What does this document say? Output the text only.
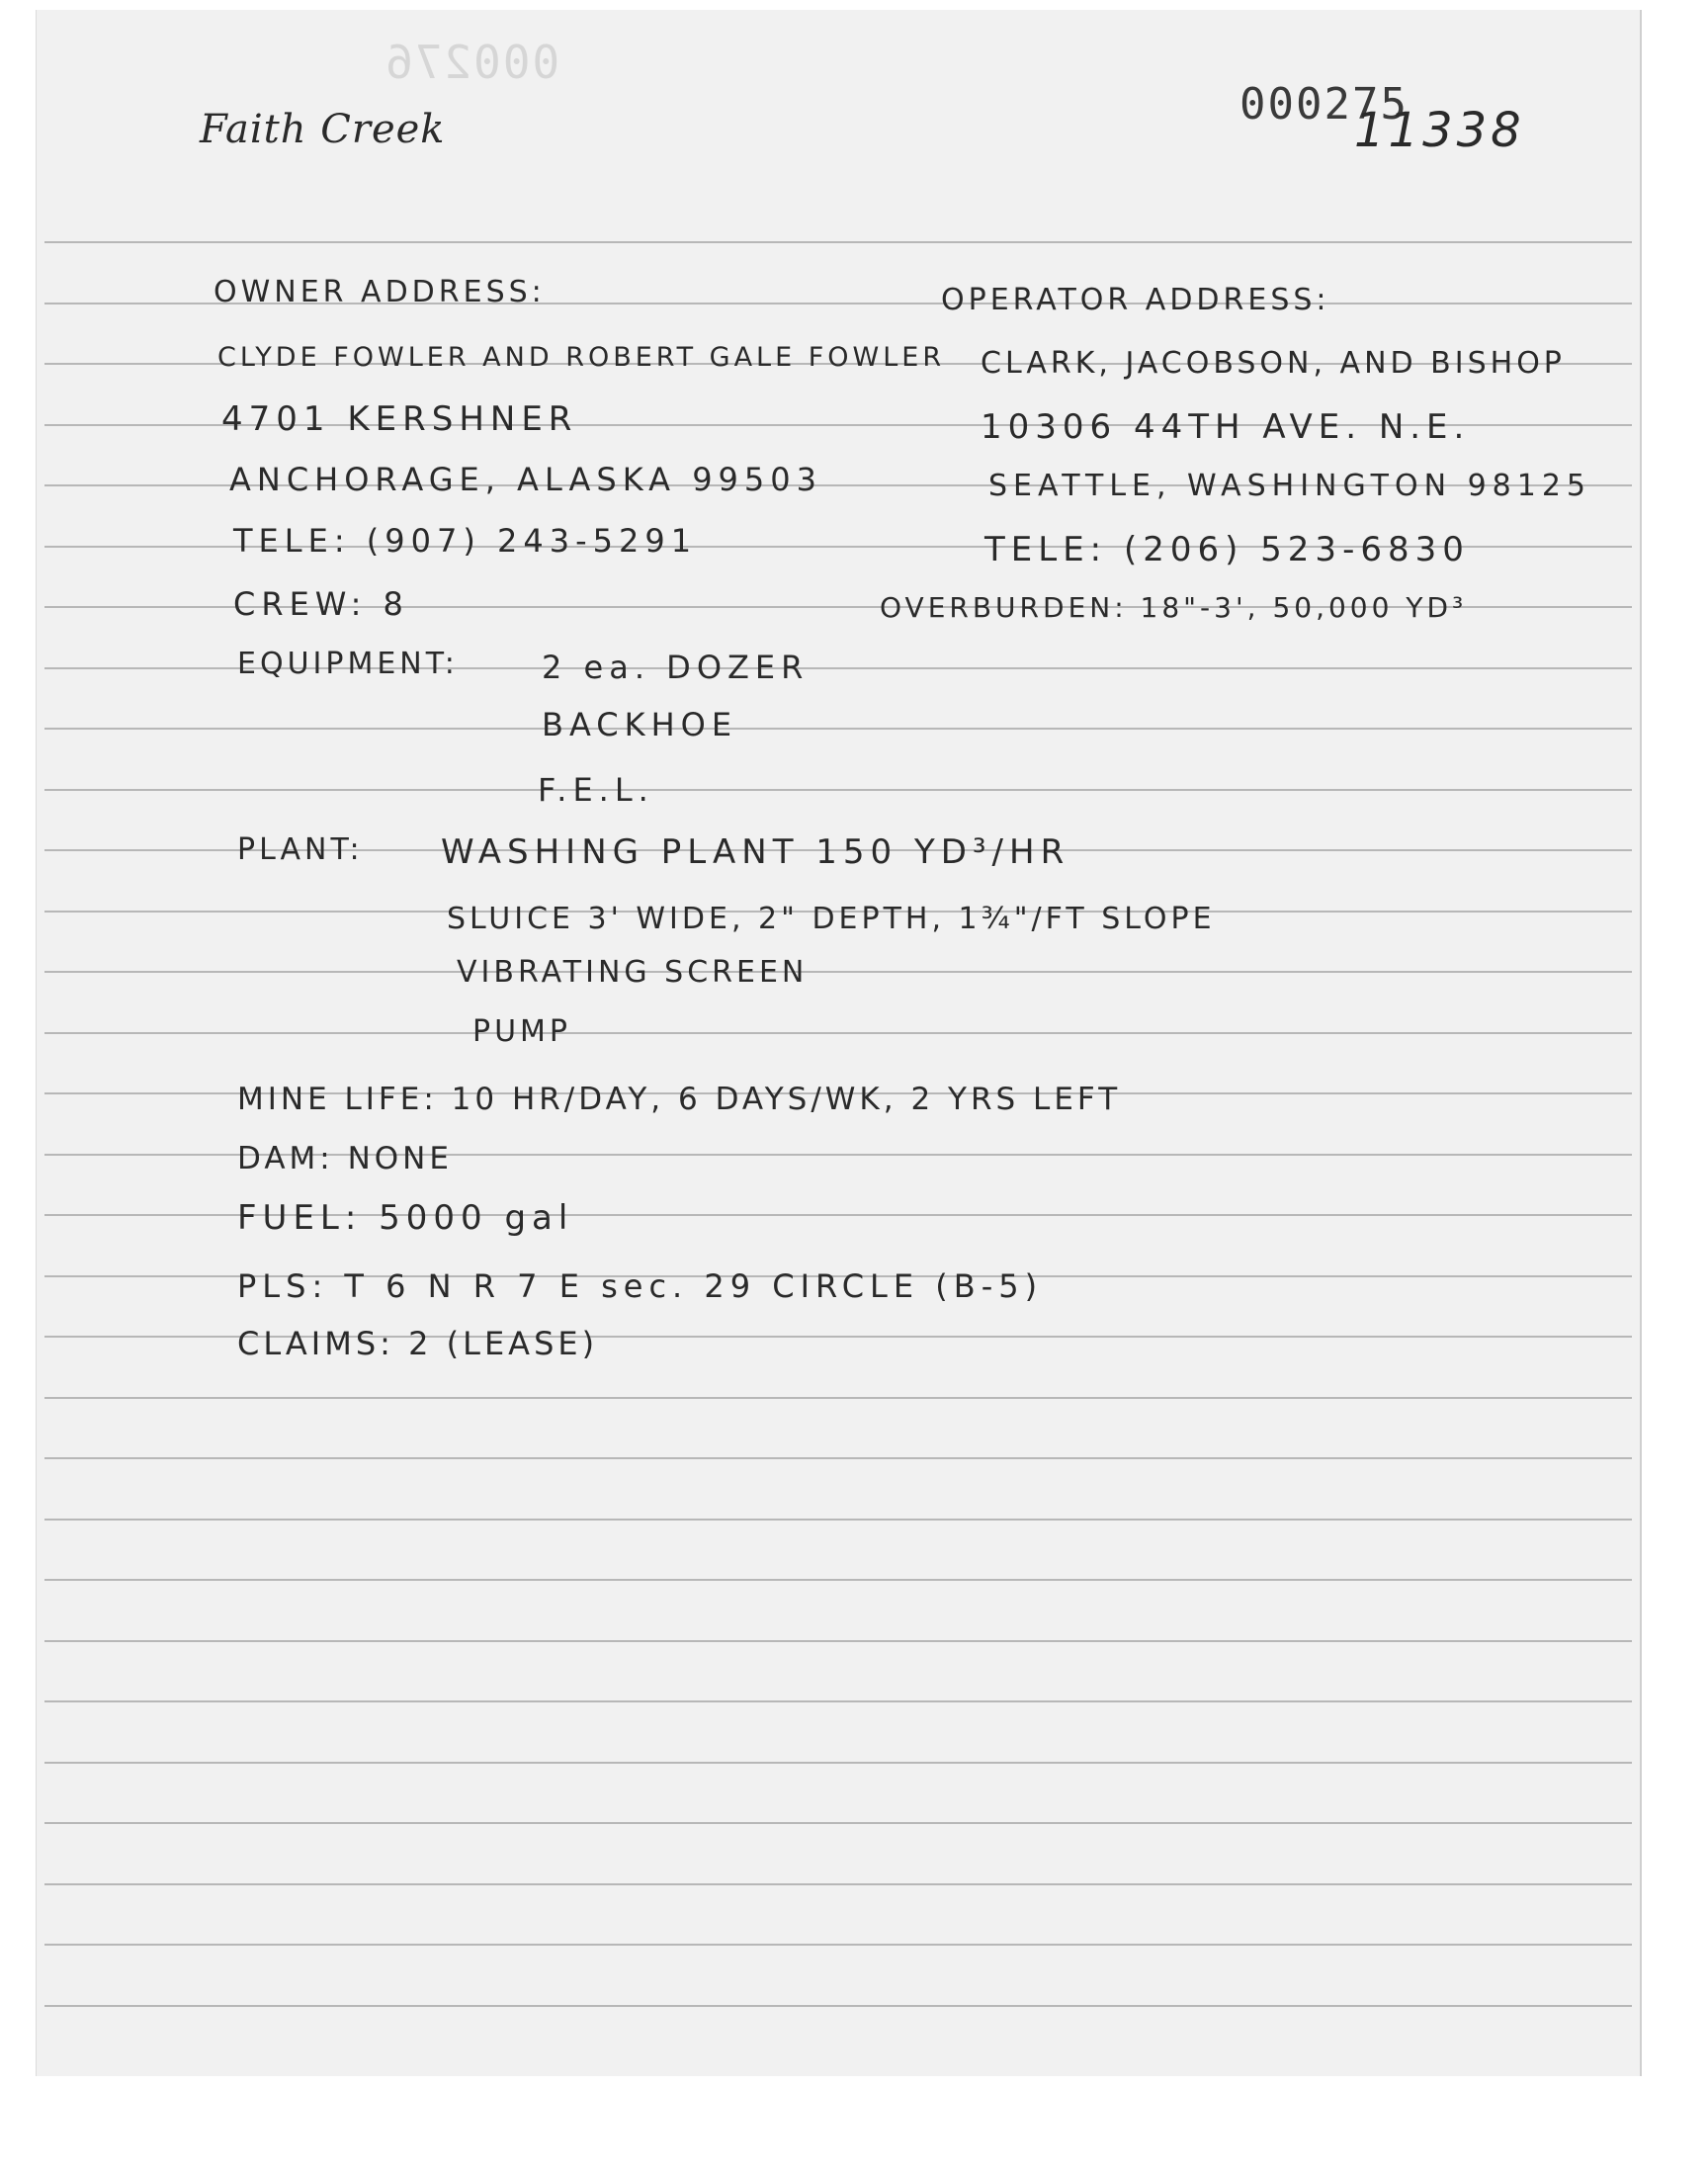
000276
Faith Creek	000275
11338
OWNER ADDRESS:
CLYDE FOWLER AND ROBERT GALE FOWLER
4701 KERSHNER
ANCHORAGE, ALASKA 99503
TELE: (907) 243-5291
CREW: 8
OPERATOR ADDRESS:
CLARK, JACOBSON, AND BISHOP
10306 44TH AVE. N.E.
SEATTLE, WASHINGTON 98125
TELE: (206) 523-6830
OVERBURDEN: 18"-3', 50,000 YD³
EQUIPMENT:	2 ea. DOZER
BACKHOE
F.E.L.
PLANT: WASHING PLANT 150 YD³/HR
SLUICE 3' WIDE, 2" DEPTH, 1¾"/FT SLOPE
VIBRATING SCREEN
PUMP
MINE LIFE: 10 HR/DAY, 6 DAYS/WK, 2 YRS LEFT
DAM: NONE
FUEL: 5000 gal
PLS: T 6 N R 7 E sec. 29 CIRCLE (B-5)
CLAIMS: 2 (LEASE)
